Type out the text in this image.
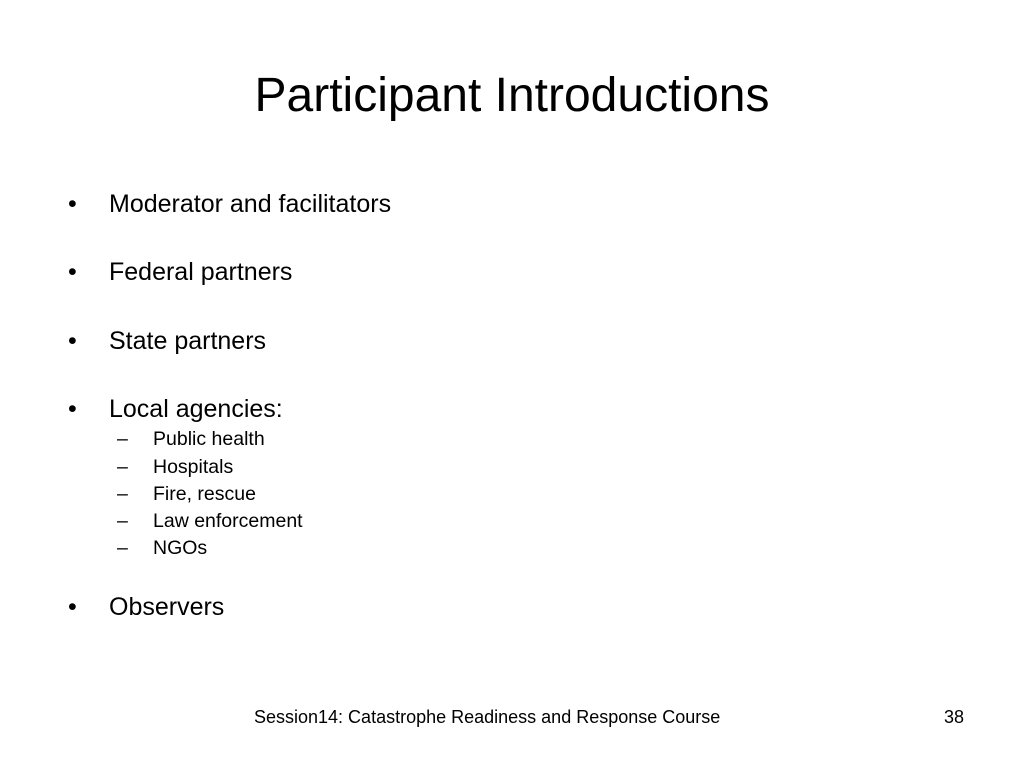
Participant Introductions
•	Moderator and facilitators
•	Federal partners
•	State partners
•	Local agencies:
–	Public health
–	Hospitals
–	Fire, rescue
–	Law enforcement
–	NGOs
•	Observers
Session14: Catastrophe Readiness and Response Course	38
